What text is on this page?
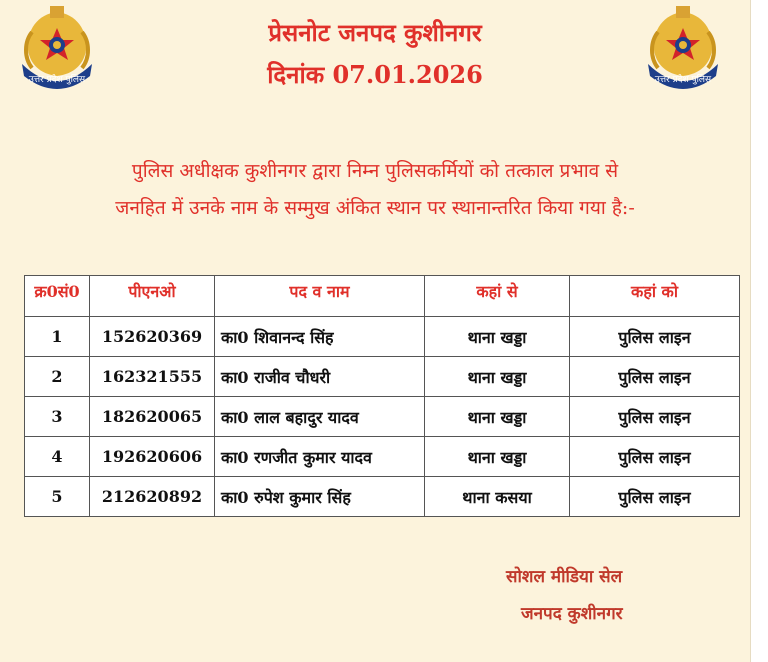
उत्तर प्रदेश पुलिस	उत्तर प्रदेश पुलिस
प्रेसनोट जनपद कुशीनगर
दिनांक 07.01.2026
पुलिस अधीक्षक कुशीनगर द्वारा निम्न पुलिसकर्मियों को तत्काल प्रभाव से
जनहित में उनके नाम के सम्मुख अंकित स्थान पर स्थानान्तरित किया गया है:-
क्र0सं0	पीएनओ	पद व नाम	कहां से	कहां को
1	152620369	का0 शिवानन्द सिंह	थाना खड्डा	पुलिस लाइन
2	162321555	का0 राजीव चौधरी	थाना खड्डा	पुलिस लाइन
3	182620065	का0 लाल बहादुर यादव	थाना खड्डा	पुलिस लाइन
4	192620606	का0 रणजीत कुमार यादव	थाना खड्डा	पुलिस लाइन
5	212620892	का0 रुपेश कुमार सिंह	थाना कसया	पुलिस लाइन
सोशल मीडिया सेल
जनपद कुशीनगर
